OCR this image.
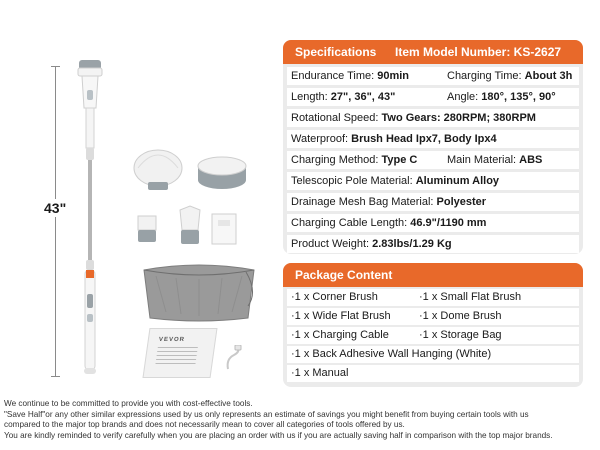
43"
VEVOR
Specifications Item Model Number: KS-2627
Endurance Time: 90min	Charging Time: About 3h
Length: 27", 36", 43"	Angle: 180°, 135°, 90°
Rotational Speed: Two Gears: 280RPM; 380RPM
Waterproof: Brush Head Ipx7, Body Ipx4
Charging Method: Type C	Main Material: ABS
Telescopic Pole Material: Aluminum Alloy
Drainage Mesh Bag Material: Polyester
Charging Cable Length: 46.9"/1190 mm
Product Weight: 2.83lbs/1.29 Kg
Package Content
·1 x Corner Brush	·1 x Small Flat Brush
·1 x Wide Flat Brush	·1 x Dome Brush
·1 x Charging Cable	·1 x Storage Bag
·1 x Back Adhesive Wall Hanging (White)
·1 x Manual

We continue to be committed to provide you with cost-effective tools.

"Save Half"or any other similar expressions used by us only represents an estimate of savings you might benefit from buying certain tools with us

compared to the major top brands and does not necessarily mean to cover all categories of tools offered by us.

You are kindly reminded to verify carefully when you are placing an order with us if you are actually saving half in comparison with the top major brands.
